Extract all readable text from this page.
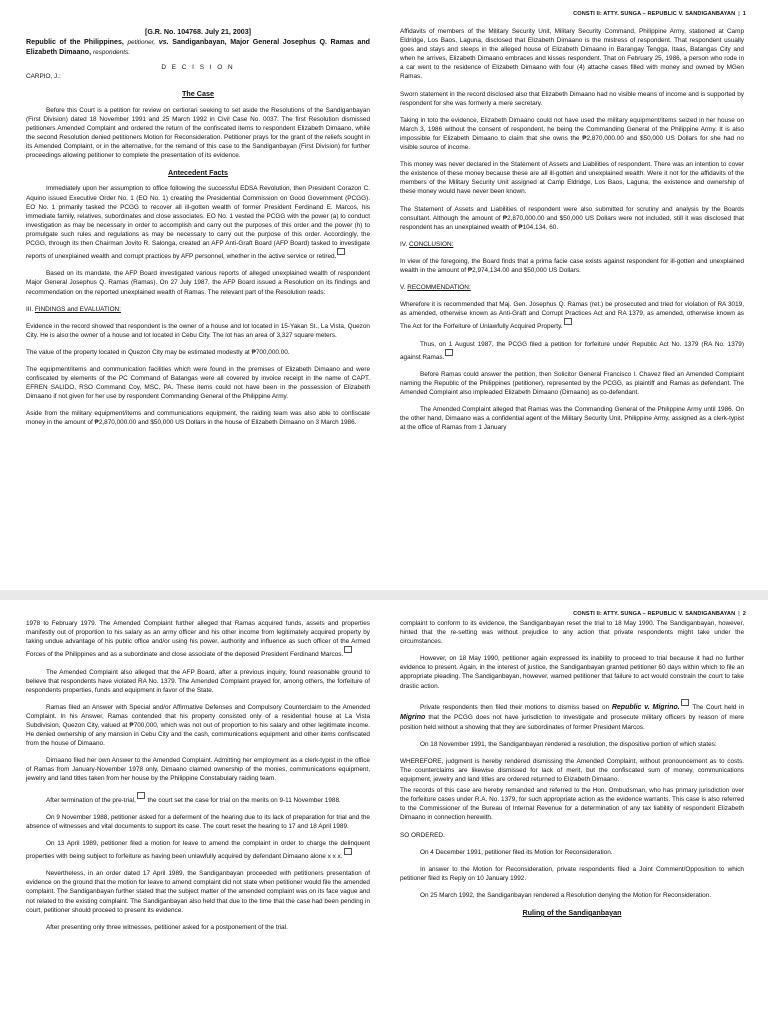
CONSTI II: ATTY. SUNGA – REPUBLIC V. SANDIGANBAYAN | 1

[G.R. No. 104768. July 21, 2003]

Republic of the Philippines, petitioner, vs. Sandiganbayan, Major General Josephus Q. Ramas and Elizabeth Dimaano, respondents.

D E C I S I O N

CARPIO, J.:

The Case

Before this Court is a petition for review on certiorari seeking to set aside the Resolutions of the Sandiganbayan (First Division) dated 18 November 1991 and 25 March 1992 in Civil Case No. 0037. The first Resolution dismissed petitioners Amended Complaint and ordered the return of the confiscated items to respondent Elizabeth Dimaano, while the second Resolution denied petitioners Motion for Reconsideration. Petitioner prays for the grant of the reliefs sought in its Amended Complaint, or in the alternative, for the remand of this case to the Sandiganbayan (First Division) for further proceedings allowing petitioner to complete the presentation of its evidence.

Antecedent Facts

Immediately upon her assumption to office following the successful EDSA Revolution, then President Corazon C. Aquino issued Executive Order No. 1 (EO No. 1) creating the Presidential Commission on Good Government (PCGG). EO No. 1 primarily tasked the PCGG to recover all ill-gotten wealth of former President Ferdinand E. Marcos, his immediate family, relatives, subordinates and close associates. EO No. 1 vested the PCGG with the power (a) to conduct investigation as may be necessary in order to accomplish and carry out the purposes of this order and the power (h) to promulgate such rules and regulations as may be necessary to carry out the purpose of this order. Accordingly, the PCGG, through its then Chairman Jovito R. Salonga, created an AFP Anti-Graft Board (AFP Board) tasked to investigate reports of unexplained wealth and corrupt practices by AFP personnel, whether in the active service or retired.

Based on its mandate, the AFP Board investigated various reports of alleged unexplained wealth of respondent Major General Josephus Q. Ramas (Ramas). On 27 July 1987, the AFP Board issued a Resolution on its findings and recommendation on the reported unexplained wealth of Ramas. The relevant part of the Resolution reads:

III. FINDINGS and EVALUATION:

Evidence in the record showed that respondent is the owner of a house and lot located in 15-Yakan St., La Vista, Quezon City. He is also the owner of a house and lot located in Cebu City. The lot has an area of 3,327 square meters.

The value of the property located in Quezon City may be estimated modestly at ₱700,000.00.

The equipment/items and communication facilities which were found in the premises of Elizabeth Dimaano and were confiscated by elements of the PC Command of Batangas were all covered by invoice receipt in the name of CAPT. EFREN SALIDO, RSO Command Coy, MSC, PA. These items could not have been in the possession of Elizabeth Dimaano if not given for her use by respondent Commanding General of the Philippine Army.

Aside from the military equipment/items and communications equipment, the raiding team was also able to confiscate money in the amount of ₱2,870,000.00 and $50,000 US Dollars in the house of Elizabeth Dimaano on 3 March 1986.

Affidavits of members of the Military Security Unit, Military Security Command, Philippine Army, stationed at Camp Eldridge, Los Baos, Laguna, disclosed that Elizabeth Dimaano is the mistress of respondent. That respondent usually goes and stays and sleeps in the alleged house of Elizabeth Dimaano in Barangay Tengga, Itaas, Batangas City and when he arrives, Elizabeth Dimaano embraces and kisses respondent. That on February 25, 1986, a person who rode in a car went to the residence of Elizabeth Dimaano with four (4) attache cases filled with money and owned by MGen Ramas.

Sworn statement in the record disclosed also that Elizabeth Dimaano had no visible means of income and is supported by respondent for she was formerly a mere secretary.

Taking in toto the evidence, Elizabeth Dimaano could not have used the military equipment/items seized in her house on March 3, 1986 without the consent of respondent, he being the Commanding General of the Philippine Army. It is also impossible for Elizabeth Dimaano to claim that she owns the ₱2,870,000.00 and $50,000 US Dollars for she had no visible source of income.

This money was never declared in the Statement of Assets and Liabilities of respondent. There was an intention to cover the existence of these money because these are all ill-gotten and unexplained wealth. Were it not for the affidavits of the members of the Military Security Unit assigned at Camp Eldridge, Los Baos, Laguna, the existence and ownership of these money would have never been known.

The Statement of Assets and Liabilities of respondent were also submitted for scrutiny and analysis by the Boards consultant. Although the amount of ₱2,870,000.00 and $50,000 US Dollars were not included, still it was disclosed that respondent has an unexplained wealth of ₱104,134. 60.

IV. CONCLUSION:

In view of the foregoing, the Board finds that a prima facie case exists against respondent for ill-gotten and unexplained wealth in the amount of ₱2,974,134.00 and $50,000 US Dollars.

V. RECOMMENDATION:

Wherefore it is recommended that Maj. Gen. Josephus Q. Ramas (ret.) be prosecuted and tried for violation of RA 3019, as amended, otherwise known as Anti-Graft and Corrupt Practices Act and RA 1379, as amended, otherwise known as The Act for the Forfeiture of Unlawfully Acquired Property.

Thus, on 1 August 1987, the PCGG filed a petition for forfeiture under Republic Act No. 1379 (RA No. 1379) against Ramas.

Before Ramas could answer the petition, then Solicitor General Francisco I. Chavez filed an Amended Complaint naming the Republic of the Philippines (petitioner), represented by the PCGG, as plaintiff and Ramas as defendant. The Amended Complaint also impleaded Elizabeth Dimaano (Dimaano) as co-defendant.

The Amended Complaint alleged that Ramas was the Commanding General of the Philippine Army until 1986. On the other hand, Dimaano was a confidential agent of the Military Security Unit, Philippine Army, assigned as a clerk-typist at the office of Ramas from 1 January

CONSTI II: ATTY. SUNGA – REPUBLIC V. SANDIGANBAYAN | 2

1978 to February 1979. The Amended Complaint further alleged that Ramas acquired funds, assets and properties manifestly out of proportion to his salary as an army officer and his other income from legitimately acquired property by taking undue advantage of his public office and/or using his power, authority and influence as such officer of the Armed Forces of the Philippines and as a subordinate and close associate of the deposed President Ferdinand Marcos.

The Amended Complaint also alleged that the AFP Board, after a previous inquiry, found reasonable ground to believe that respondents have violated RA No. 1379. The Amended Complaint prayed for, among others, the forfeiture of respondents properties, funds and equipment in favor of the State.

Ramas filed an Answer with Special and/or Affirmative Defenses and Compulsory Counterclaim to the Amended Complaint. In his Answer, Ramas contended that his property consisted only of a residential house at La Vista Subdivision, Quezon City, valued at ₱700,000, which was not out of proportion to his salary and other legitimate income. He denied ownership of any mansion in Cebu City and the cash, communications equipment and other items confiscated from the house of Dimaano.

Dimaano filed her own Answer to the Amended Complaint. Admitting her employment as a clerk-typist in the office of Ramas from January-November 1978 only, Dimaano claimed ownership of the monies, communications equipment, jewelry and land titles taken from her house by the Philippine Constabulary raiding team.

After termination of the pre-trial, the court set the case for trial on the merits on 9-11 November 1988.

On 9 November 1988, petitioner asked for a deferment of the hearing due to its lack of preparation for trial and the absence of witnesses and vital documents to support its case. The court reset the hearing to 17 and 18 April 1989.

On 13 April 1989, petitioner filed a motion for leave to amend the complaint in order to charge the delinquent properties with being subject to forfeiture as having been unlawfully acquired by defendant Dimaano alone x x x.

Nevertheless, in an order dated 17 April 1989, the Sandiganbayan proceeded with petitioners presentation of evidence on the ground that the motion for leave to amend complaint did not state when petitioner would file the amended complaint. The Sandiganbayan further stated that the subject matter of the amended complaint was on its face vague and not related to the existing complaint. The Sandiganbayan also held that due to the time that the case had been pending in court, petitioner should proceed to present its evidence.

After presenting only three witnesses, petitioner asked for a postponement of the trial.

complaint to conform to its evidence, the Sandiganbayan reset the trial to 18 May 1990. The Sandiganbayan, however, hinted that the re-setting was without prejudice to any action that private respondents might take under the circumstances.

However, on 18 May 1990, petitioner again expressed its inability to proceed to trial because it had no further evidence to present. Again, in the interest of justice, the Sandiganbayan granted petitioner 60 days within which to file an appropriate pleading. The Sandiganbayan, however, warned petitioner that failure to act would constrain the court to take drastic action.

Private respondents then filed their motions to dismiss based on Republic v. Migrino. The Court held in Migrino that the PCGG does not have jurisdiction to investigate and prosecute military officers by reason of mere position held without a showing that they are subordinates of former President Marcos.

On 18 November 1991, the Sandiganbayan rendered a resolution, the dispositive portion of which states:

WHEREFORE, judgment is hereby rendered dismissing the Amended Complaint, without pronouncement as to costs. The counterclaims are likewise dismissed for lack of merit, but the confiscated sum of money, communications equipment, jewelry and land titles are ordered returned to Elizabeth Dimaano.

The records of this case are hereby remanded and referred to the Hon. Ombudsman, who has primary jurisdiction over the forfeiture cases under R.A. No. 1379, for such appropriate action as the evidence warrants. This case is also referred to the Commissioner of the Bureau of Internal Revenue for a determination of any tax liability of respondent Elizabeth Dimaano in connection herewith.

SO ORDERED.

On 4 December 1991, petitioner filed its Motion for Reconsideration.

In answer to the Motion for Reconsideration, private respondents filed a Joint Comment/Opposition to which petitioner filed its Reply on 10 January 1992.

On 25 March 1992, the Sandiganbayan rendered a Resolution denying the Motion for Reconsideration.

Ruling of the Sandiganbayan
